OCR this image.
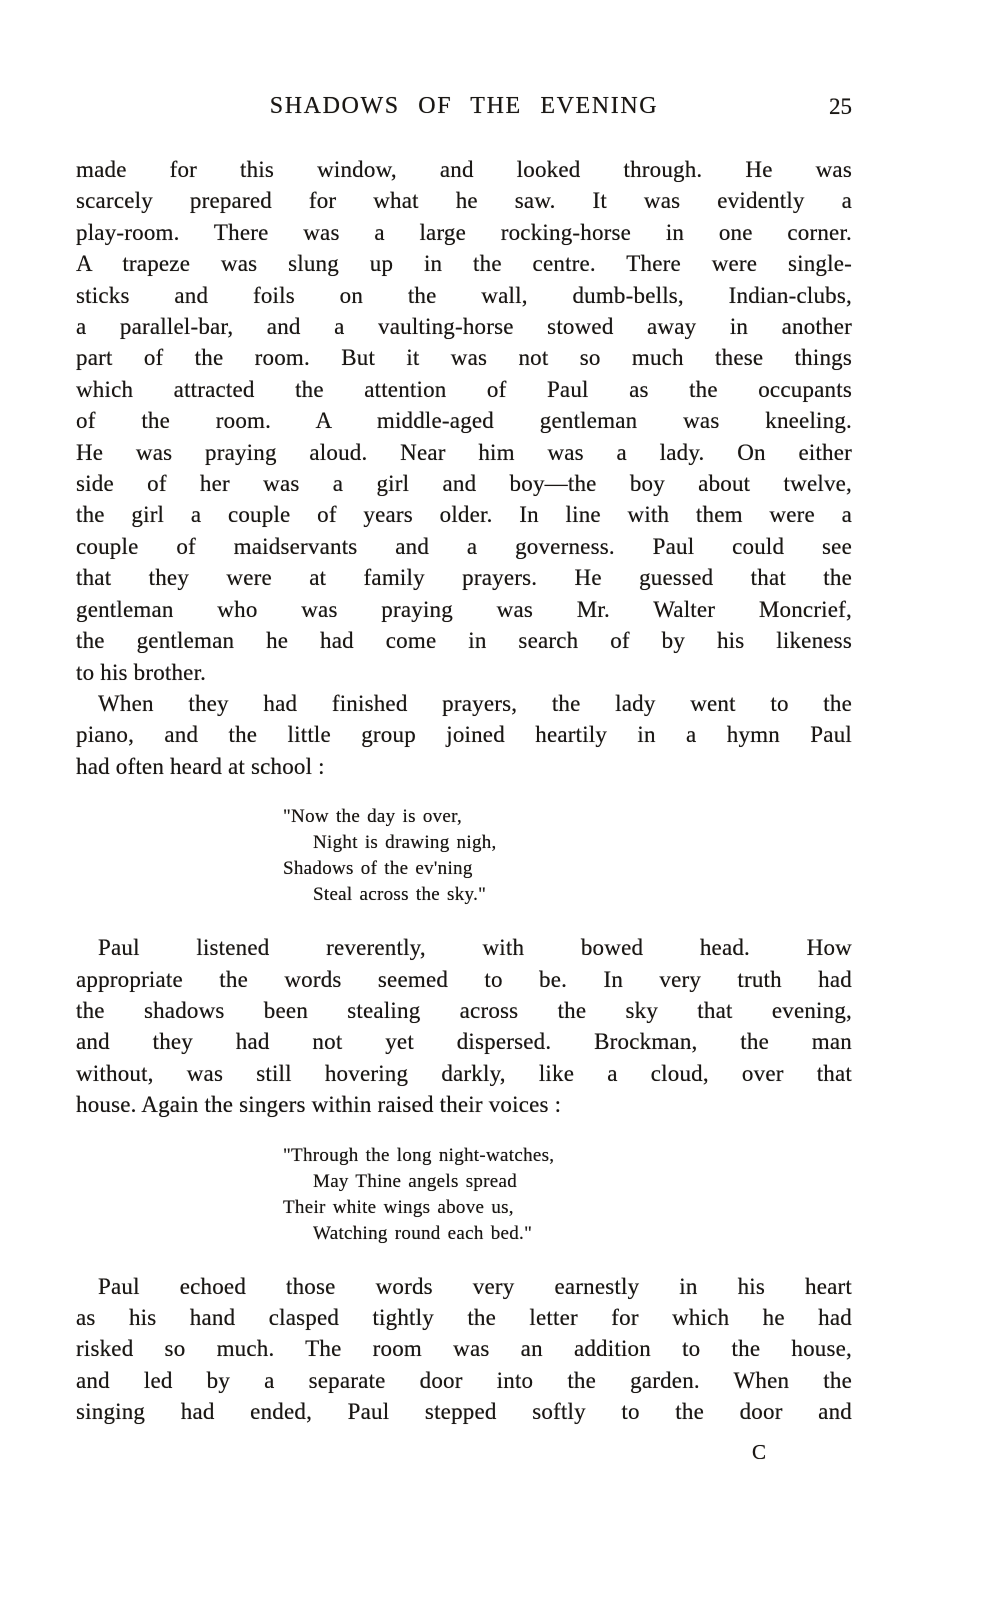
SHADOWS OF THE EVENING	25
made for this window, and looked through. He was
scarcely prepared for what he saw. It was evidently a
play-room. There was a large rocking-horse in one corner.
A trapeze was slung up in the centre. There were single-
sticks and foils on the wall, dumb-bells, Indian-clubs,
a parallel-bar, and a vaulting-horse stowed away in another
part of the room. But it was not so much these things
which attracted the attention of Paul as the occupants
of the room. A middle-aged gentleman was kneeling.
He was praying aloud. Near him was a lady. On either
side of her was a girl and boy—the boy about twelve,
the girl a couple of years older. In line with them were a
couple of maidservants and a governess. Paul could see
that they were at family prayers. He guessed that the
gentleman who was praying was Mr. Walter Moncrief,
the gentleman he had come in search of by his likeness
to his brother.
When they had finished prayers, the lady went to the
piano, and the little group joined heartily in a hymn Paul
had often heard at school :
"Now the day is over,
Night is drawing nigh,
Shadows of the ev'ning
Steal across the sky."
Paul listened reverently, with bowed head. How
appropriate the words seemed to be. In very truth had
the shadows been stealing across the sky that evening,
and they had not yet dispersed. Brockman, the man
without, was still hovering darkly, like a cloud, over that
house. Again the singers within raised their voices :
"Through the long night-watches,
May Thine angels spread
Their white wings above us,
Watching round each bed."
Paul echoed those words very earnestly in his heart
as his hand clasped tightly the letter for which he had
risked so much. The room was an addition to the house,
and led by a separate door into the garden. When the
singing had ended, Paul stepped softly to the door and
C
